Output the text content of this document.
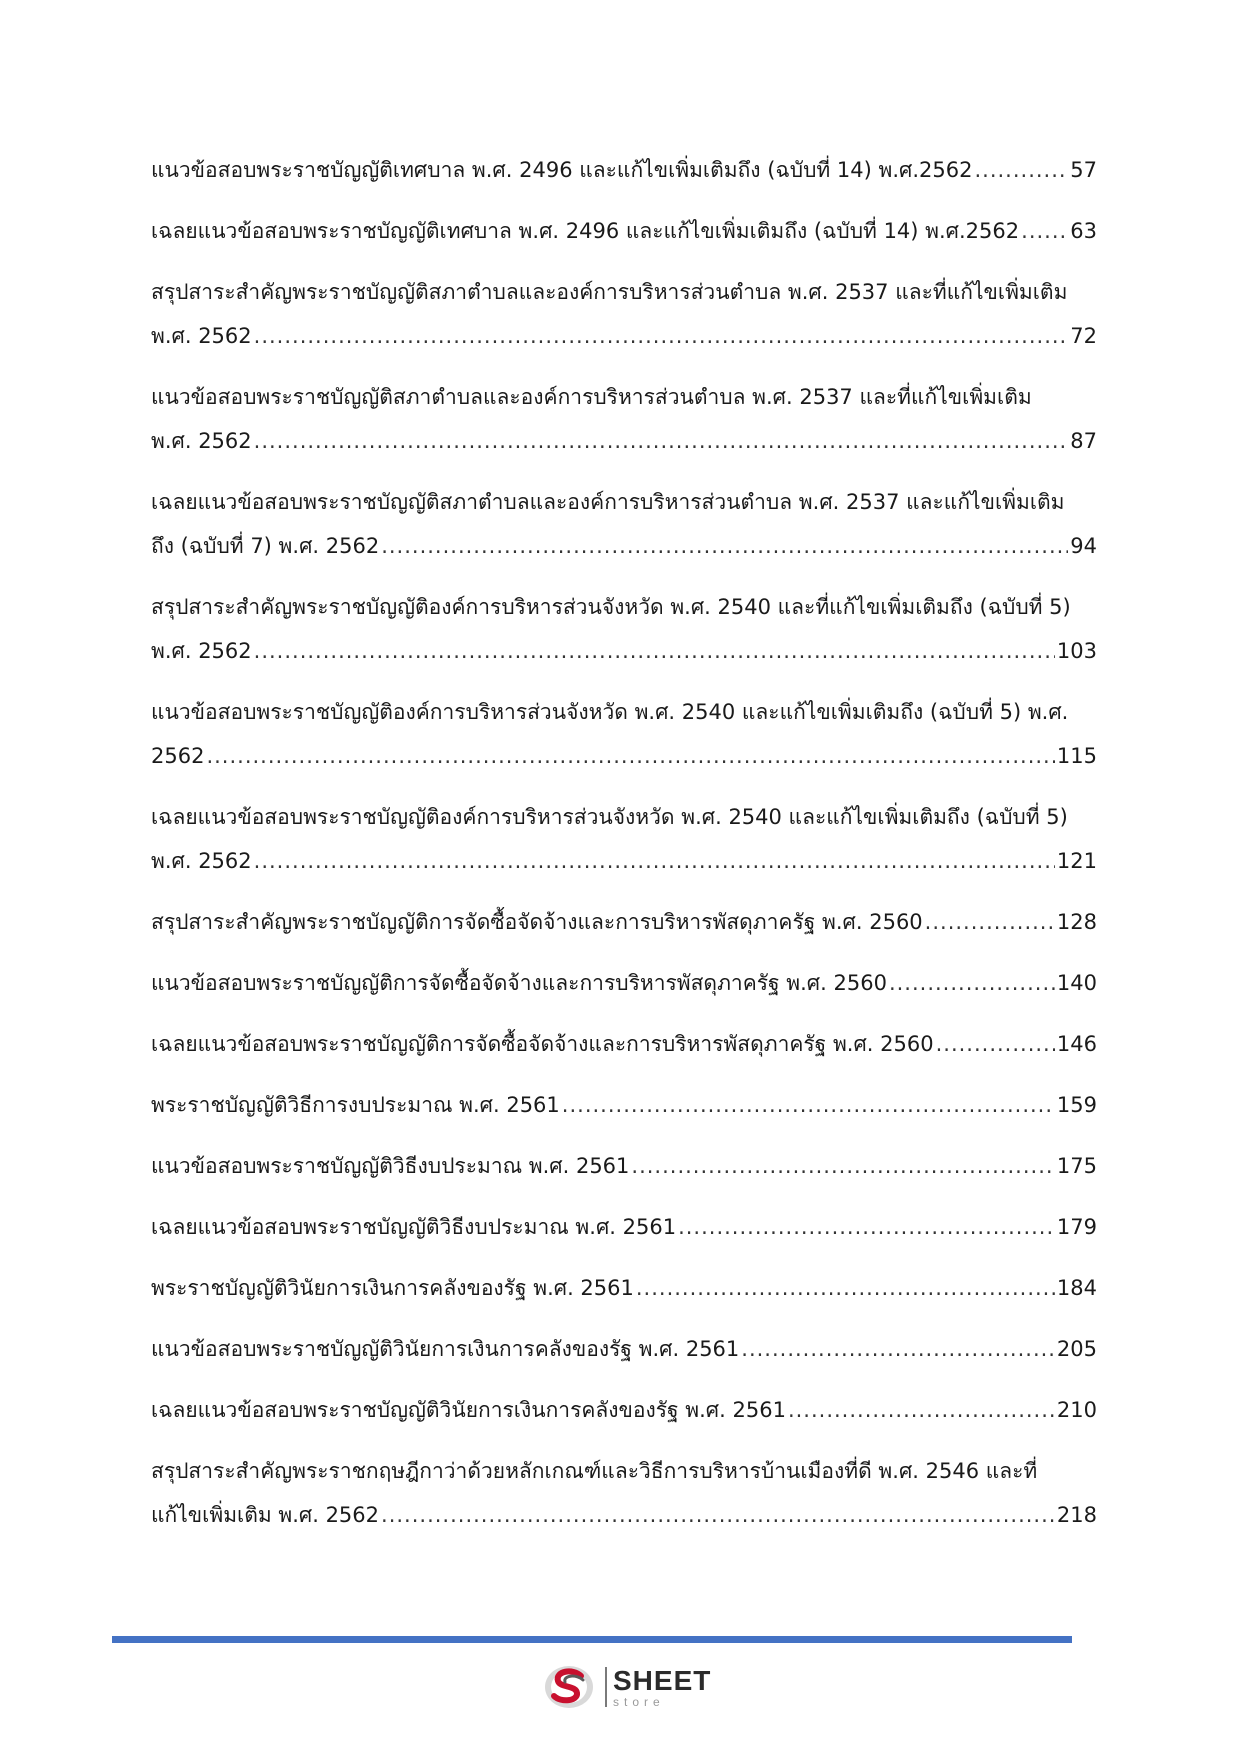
แนวข้อสอบพระราชบัญญัติเทศบาล พ.ศ. 2496 และแก้ไขเพิ่มเติมถึง (ฉบับที่ 14) พ.ศ.2562 .....	57
เฉลยแนวข้อสอบพระราชบัญญัติเทศบาล พ.ศ. 2496 และแก้ไขเพิ่มเติมถึง (ฉบับที่ 14) พ.ศ.2562 ..... 63
สรุปสาระสำคัญพระราชบัญญัติสภาตำบลและองค์การบริหารส่วนตำบล พ.ศ. 2537 และที่แก้ไขเพิ่มเติม
พ.ศ. 2562 .....	72
แนวข้อสอบพระราชบัญญัติสภาตำบลและองค์การบริหารส่วนตำบล พ.ศ. 2537 และที่แก้ไขเพิ่มเติม
พ.ศ. 2562 .....	87
เฉลยแนวข้อสอบพระราชบัญญัติสภาตำบลและองค์การบริหารส่วนตำบล พ.ศ. 2537 และแก้ไขเพิ่มเติม
ถึง (ฉบับที่ 7) พ.ศ. 2562 .....	94
สรุปสาระสำคัญพระราชบัญญัติองค์การบริหารส่วนจังหวัด พ.ศ. 2540 และที่แก้ไขเพิ่มเติมถึง (ฉบับที่ 5)
พ.ศ. 2562 .....	103
แนวข้อสอบพระราชบัญญัติองค์การบริหารส่วนจังหวัด พ.ศ. 2540 และแก้ไขเพิ่มเติมถึง (ฉบับที่ 5) พ.ศ.
2562 .....	115
เฉลยแนวข้อสอบพระราชบัญญัติองค์การบริหารส่วนจังหวัด พ.ศ. 2540 และแก้ไขเพิ่มเติมถึง (ฉบับที่ 5)
พ.ศ. 2562 .....	121
สรุปสาระสำคัญพระราชบัญญัติการจัดซื้อจัดจ้างและการบริหารพัสดุภาครัฐ พ.ศ. 2560 .....	128
แนวข้อสอบพระราชบัญญัติการจัดซื้อจัดจ้างและการบริหารพัสดุภาครัฐ พ.ศ. 2560 .....	140
เฉลยแนวข้อสอบพระราชบัญญัติการจัดซื้อจัดจ้างและการบริหารพัสดุภาครัฐ พ.ศ. 2560 .....	146
พระราชบัญญัติวิธีการงบประมาณ พ.ศ. 2561 .....	159
แนวข้อสอบพระราชบัญญัติวิธีงบประมาณ พ.ศ. 2561 .....	175
เฉลยแนวข้อสอบพระราชบัญญัติวิธีงบประมาณ พ.ศ. 2561 .....	179
พระราชบัญญัติวินัยการเงินการคลังของรัฐ พ.ศ. 2561 .....	184
แนวข้อสอบพระราชบัญญัติวินัยการเงินการคลังของรัฐ พ.ศ. 2561 .....	205
เฉลยแนวข้อสอบพระราชบัญญัติวินัยการเงินการคลังของรัฐ พ.ศ. 2561 .....	210
สรุปสาระสำคัญพระราชกฤษฎีกาว่าด้วยหลักเกณฑ์และวิธีการบริหารบ้านเมืองที่ดี พ.ศ. 2546 และที่
แก้ไขเพิ่มเติม พ.ศ. 2562 .....	218
SHEET
store
